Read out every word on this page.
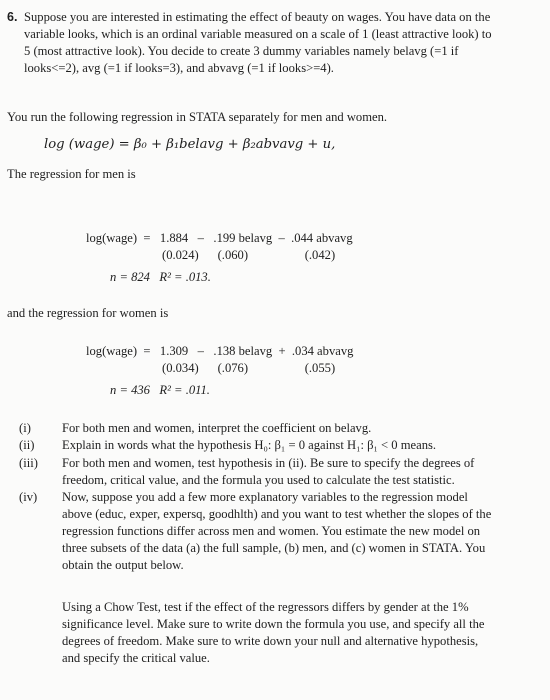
6. Suppose you are interested in estimating the effect of beauty on wages. You have data on the
variable looks, which is an ordinal variable measured on a scale of 1 (least attractive look) to
5 (most attractive look). You decide to create 3 dummy variables namely belavg (=1 if
looks<=2), avg (=1 if looks=3), and abvavg (=1 if looks>=4).
You run the following regression in STATA separately for men and women.
log (wage) = β₀ + β₁belavg + β₂abvavg + u,
The regression for men is
log(wage)  =   1.884   –   .199 belavg  –  .044 abvavg
(0.024)      (.060)                  (.042)
n = 824   R² = .013.
and the regression for women is
log(wage)  =   1.309   –   .138 belavg  +  .034 abvavg
(0.034)      (.076)                  (.055)
n = 436   R² = .011.
(i)	For both men and women, interpret the coefficient on belavg.
(ii)	Explain in words what the hypothesis H₀: β₁ = 0 against H₁: β₁ < 0 means.
(iii)	For both men and women, test hypothesis in (ii). Be sure to specify the degrees of
freedom, critical value, and the formula you used to calculate the test statistic.
(iv)	Now, suppose you add a few more explanatory variables to the regression model
above (educ, exper, expersq, goodhlth) and you want to test whether the slopes of the
regression functions differ across men and women. You estimate the new model on
three subsets of the data (a) the full sample, (b) men, and (c) women in STATA. You
obtain the output below.
Using a Chow Test, test if the effect of the regressors differs by gender at the 1%
significance level. Make sure to write down the formula you use, and specify all the
degrees of freedom. Make sure to write down your null and alternative hypothesis,
and specify the critical value.
